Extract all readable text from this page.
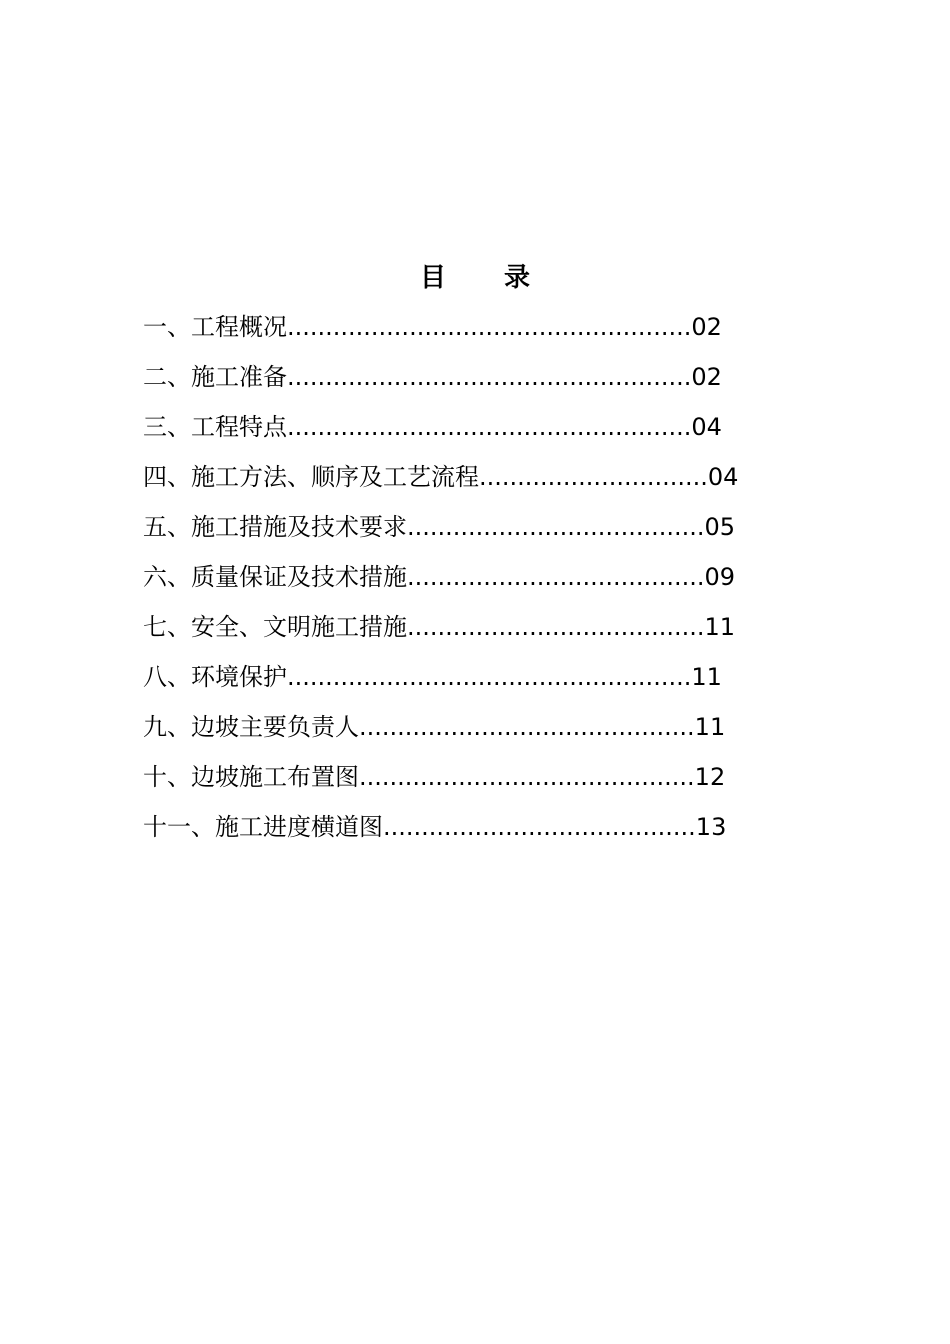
目录
一、工程概况.....................................................02
二、施工准备.....................................................02
三、工程特点.....................................................04
四、施工方法、顺序及工艺流程..............................04
五、施工措施及技术要求.......................................05
六、质量保证及技术措施.......................................09
七、安全、文明施工措施.......................................11
八、环境保护.....................................................11
九、边坡主要负责人............................................11
十、边坡施工布置图............................................12
十一、施工进度横道图.........................................13
